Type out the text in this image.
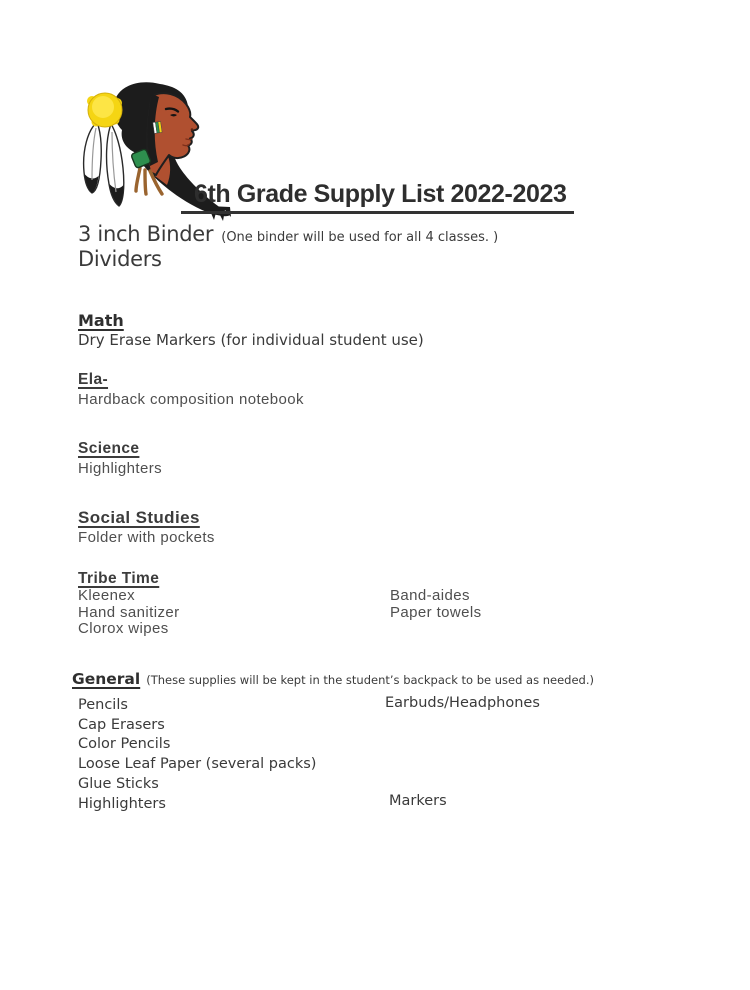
6th Grade Supply List 2022-2023
3 inch Binder (One binder will be used for all 4 classes. )
Dividers
Math
Dry Erase Markers (for individual student use)
Ela-
Hardback composition notebook
Science
Highlighters
Social Studies
Folder with pockets
Tribe Time
Kleenex
Hand sanitizer
Clorox wipes
Band-aides
Paper towels
General (These supplies will be kept in the student’s backpack to be used as needed.)
Pencils
Cap Erasers
Color Pencils
Loose Leaf Paper (several packs)
Glue Sticks
Highlighters
Earbuds/Headphones
Markers
